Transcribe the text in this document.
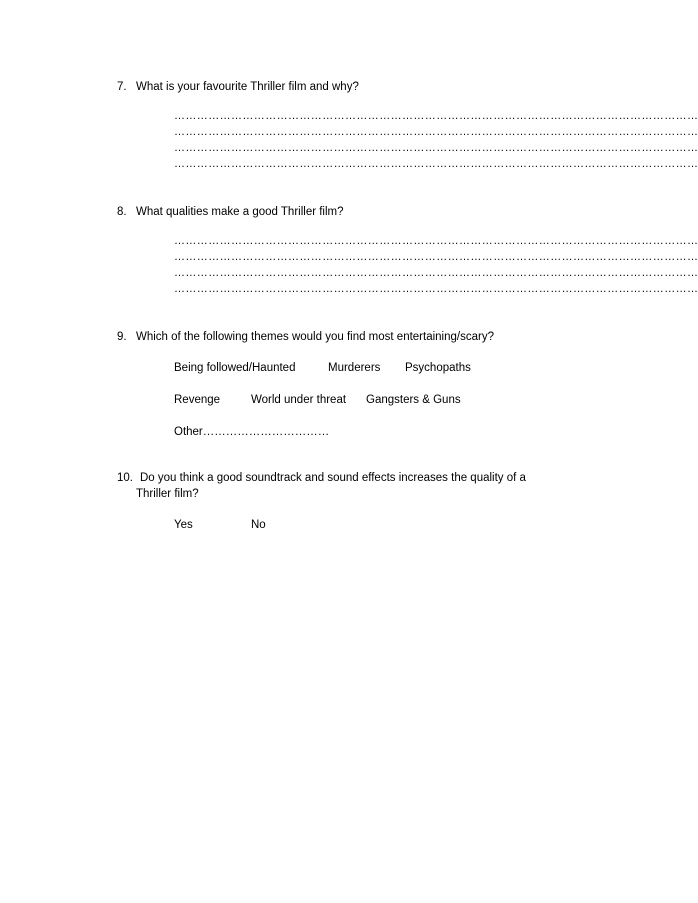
7. What is your favourite Thriller film and why?
…………………………………………………………………………………………………………………………
…………………………………………………………………………………………………………………………
…………………………………………………………………………………………………………………………
…………………………………………………………………………………………………………………………
8. What qualities make a good Thriller film?
…………………………………………………………………………………………………………………………
…………………………………………………………………………………………………………………………
…………………………………………………………………………………………………………………………
…………………………………………………………………………………………………………………………
9. Which of the following themes would you find most entertaining/scary?
Being followed/Haunted	Murderers Psychopaths
Revenge	World under threat Gangsters & Guns
Other……………………………
10. Do you think a good soundtrack and sound effects increases the quality of a
Thriller film?
Yes	No
